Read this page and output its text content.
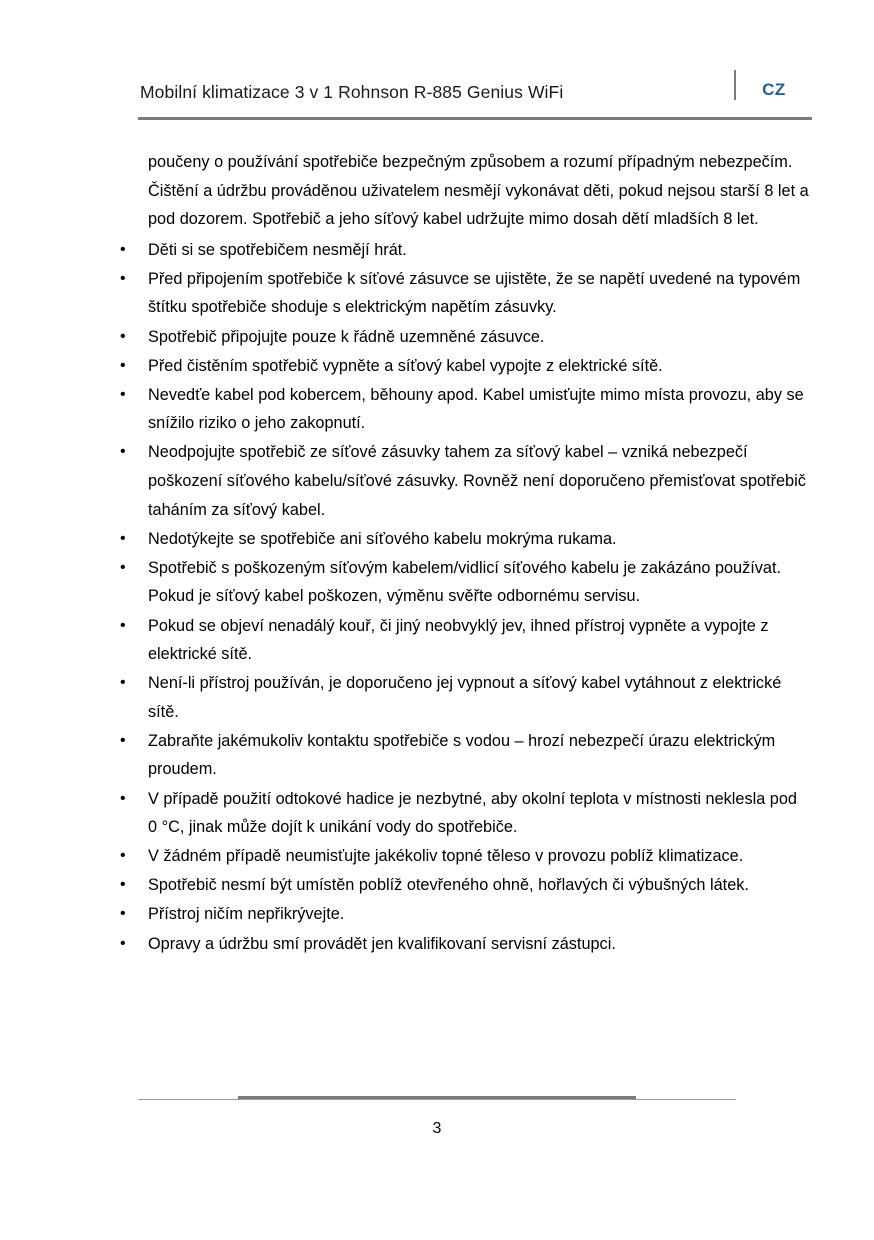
Mobilní klimatizace 3 v 1 Rohnson R-885 Genius WiFi	CZ

poučeny o používání spotřebiče bezpečným způsobem a rozumí případným nebezpečím. Čištění a údržbu prováděnou uživatelem nesmějí vykonávat děti, pokud nejsou starší 8 let a pod dozorem. Spotřebič a jeho síťový kabel udržujte mimo dosah dětí mladších 8 let.

• Děti si se spotřebičem nesmějí hrát.
• Před připojením spotřebiče k síťové zásuvce se ujistěte, že se napětí uvedené na typovém štítku spotřebiče shoduje s elektrickým napětím zásuvky.
• Spotřebič připojujte pouze k řádně uzemněné zásuvce.
• Před čistěním spotřebič vypněte a síťový kabel vypojte z elektrické sítě.
• Nevedťe kabel pod kobercem, běhouny apod. Kabel umisťujte mimo místa provozu, aby se snížilo riziko o jeho zakopnutí.
• Neodpojujte spotřebič ze síťové zásuvky tahem za síťový kabel – vzniká nebezpečí poškození síťového kabelu/síťové zásuvky. Rovněž není doporučeno přemisťovat spotřebič taháním za síťový kabel.
• Nedotýkejte se spotřebiče ani síťového kabelu mokrýma rukama.
• Spotřebič s poškozeným síťovým kabelem/vidlicí síťového kabelu je zakázáno používat. Pokud je síťový kabel poškozen, výměnu svěřte odbornému servisu.
• Pokud se objeví nenadálý kouř, či jiný neobvyklý jev, ihned přístroj vypněte a vypojte z elektrické sítě.
• Není-li přístroj používán, je doporučeno jej vypnout a síťový kabel vytáhnout z elektrické sítě.
• Zabraňte jakémukoliv kontaktu spotřebiče s vodou – hrozí nebezpečí úrazu elektrickým proudem.
• V případě použití odtokové hadice je nezbytné, aby okolní teplota v místnosti neklesla pod 0 °C, jinak může dojít k unikání vody do spotřebiče.
• V žádném případě neumisťujte jakékoliv topné těleso v provozu poblíž klimatizace.
• Spotřebič nesmí být umístěn poblíž otevřeného ohně, hořlavých či výbušných látek.
• Přístroj ničím nepřikrývejte.
• Opravy a údržbu smí provádět jen kvalifikovaní servisní zástupci.
3
